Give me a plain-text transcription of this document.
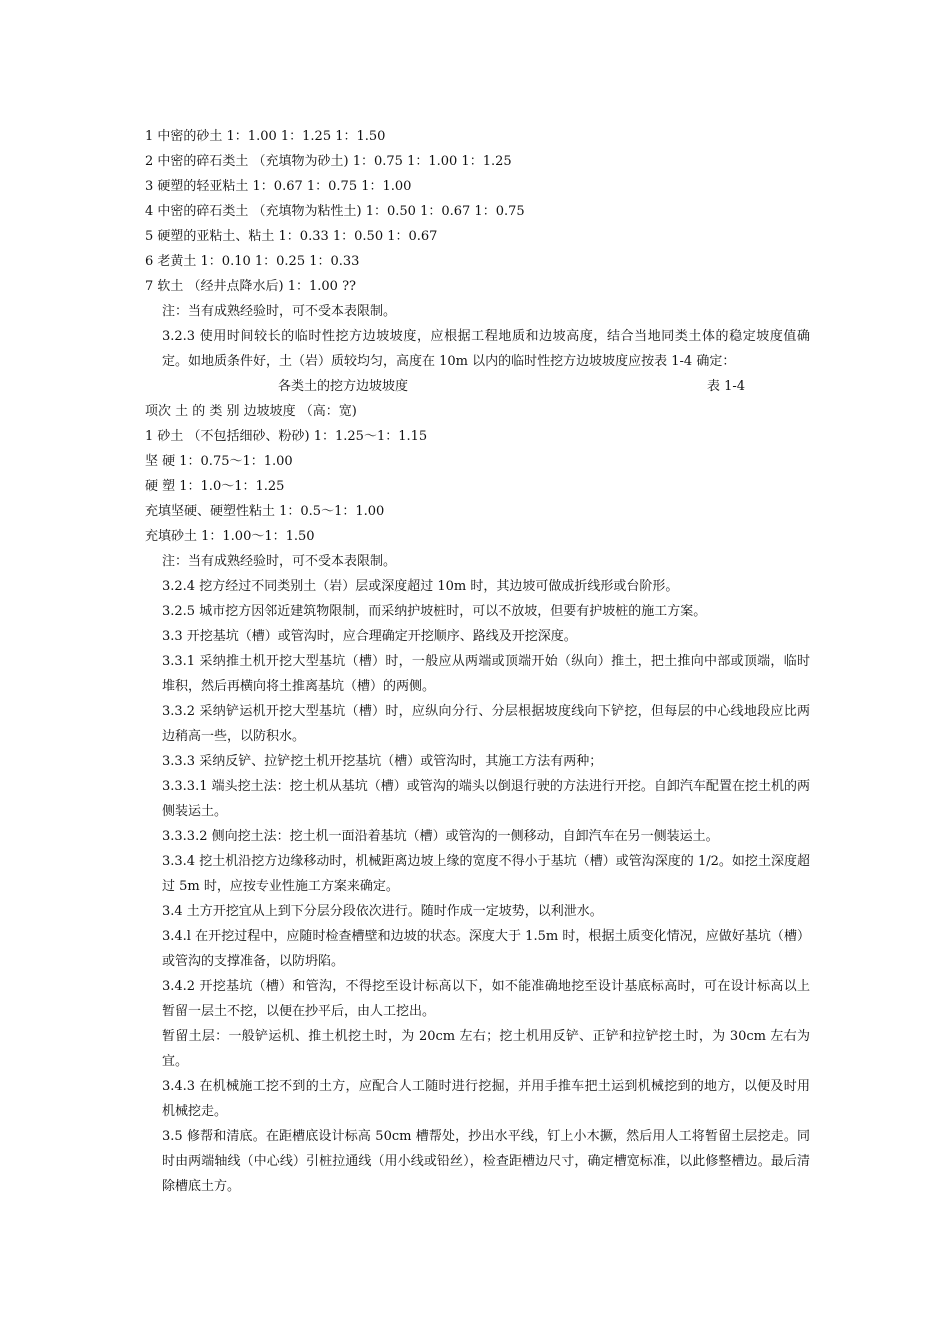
1 中密的砂土 1：1.00 1：1.25 1：1.50
2 中密的碎石类土 （充填物为砂土) 1：0.75 1：1.00 1：1.25
3 硬塑的轻亚粘土 1：0.67 1：0.75 1：1.00
4 中密的碎石类土 （充填物为粘性土) 1：0.50 1：0.67 1：0.75
5 硬塑的亚粘土、粘土 1：0.33 1：0.50 1：0.67
6 老黄土 1：0.10 1：0.25 1：0.33
7 软土 （经井点降水后) 1：1.00 ??
注：当有成熟经验时，可不受本表限制。
3.2.3 使用时间较长的临时性挖方边坡坡度，应根据工程地质和边坡高度，结合当地同类土体的稳定坡度值确定。如地质条件好，土（岩）质较均匀，高度在 10m 以内的临时性挖方边坡坡度应按表 1-4 确定：
各类土的挖方边坡坡度	表 1-4
项次 土 的 类 别 边坡坡度 （高：宽)
1 砂土 （不包括细砂、粉砂) 1：1.25～1：1.15
坚 硬 1：0.75～1：1.00
硬 塑 1：1.0～1：1.25
充填坚硬、硬塑性粘土 1：0.5～1：1.00
充填砂土 1：1.00～1：1.50
注：当有成熟经验时，可不受本表限制。
3.2.4 挖方经过不同类别土（岩）层或深度超过 10m 时，其边坡可做成折线形或台阶形。
3.2.5 城市挖方因邻近建筑物限制，而采纳护坡桩时，可以不放坡，但要有护坡桩的施工方案。
3.3 开挖基坑（槽）或管沟时，应合理确定开挖顺序、路线及开挖深度。
3.3.1 采纳推土机开挖大型基坑（槽）时，一般应从两端或顶端开始（纵向）推土，把土推向中部或顶端，临时堆积，然后再横向将土推离基坑（槽）的两侧。
3.3.2 采纳铲运机开挖大型基坑（槽）时，应纵向分行、分层根据坡度线向下铲挖，但每层的中心线地段应比两边稍高一些，以防积水。
3.3.3 采纳反铲、拉铲挖土机开挖基坑（槽）或管沟时，其施工方法有两种；
3.3.3.1 端头挖土法：挖土机从基坑（槽）或管沟的端头以倒退行驶的方法进行开挖。自卸汽车配置在挖土机的两侧装运土。
3.3.3.2 侧向挖土法：挖土机一面沿着基坑（槽）或管沟的一侧移动，自卸汽车在另一侧装运土。
3.3.4 挖土机沿挖方边缘移动时，机械距离边坡上缘的宽度不得小于基坑（槽）或管沟深度的 1/2。如挖土深度超过 5m 时，应按专业性施工方案来确定。
3.4 土方开挖宜从上到下分层分段依次进行。随时作成一定坡势，以利泄水。
3.4.l 在开挖过程中，应随时检查槽壁和边坡的状态。深度大于 1.5m 时，根据土质变化情况，应做好基坑（槽）或管沟的支撑准备，以防坍陷。
3.4.2 开挖基坑（槽）和管沟，不得挖至设计标高以下，如不能准确地挖至设计基底标高时，可在设计标高以上暂留一层土不挖，以便在抄平后，由人工挖出。
暂留土层：一般铲运机、推土机挖土时，为 20cm 左右；挖土机用反铲、正铲和拉铲挖土时，为 30cm 左右为宜。
3.4.3 在机械施工挖不到的土方，应配合人工随时进行挖掘，并用手推车把土运到机械挖到的地方，以便及时用机械挖走。
3.5 修帮和清底。在距槽底设计标高 50cm 槽帮处，抄出水平线，钉上小木撅，然后用人工将暂留土层挖走。同时由两端轴线（中心线）引桩拉通线（用小线或铅丝），检查距槽边尺寸，确定槽宽标准，以此修整槽边。最后清除槽底土方。
